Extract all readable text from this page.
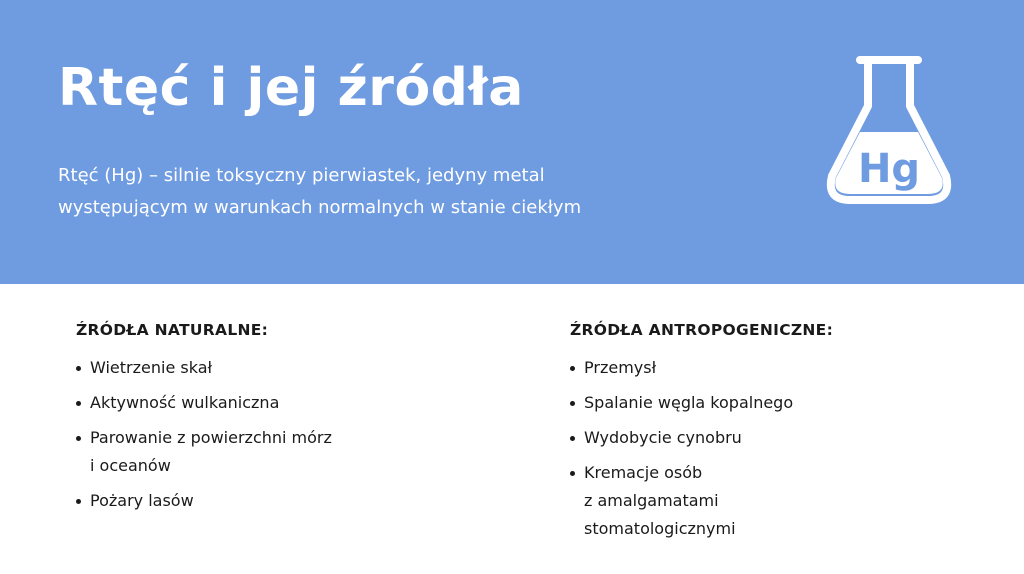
Rtęć i jej źródła

Rtęć (Hg) – silnie toksyczny pierwiastek, jedyny metal
występującym w warunkach normalnych w stanie ciekłym

Hg
ŹRÓDŁA NATURALNE:
Wietrzenie skał
Aktywność wulkaniczna
Parowanie z powierzchni mórz
i oceanów
Pożary lasów
ŹRÓDŁA ANTROPOGENICZNE:
Przemysł
Spalanie węgla kopalnego
Wydobycie cynobru
Kremacje osób
z amalgamatami
stomatologicznymi
